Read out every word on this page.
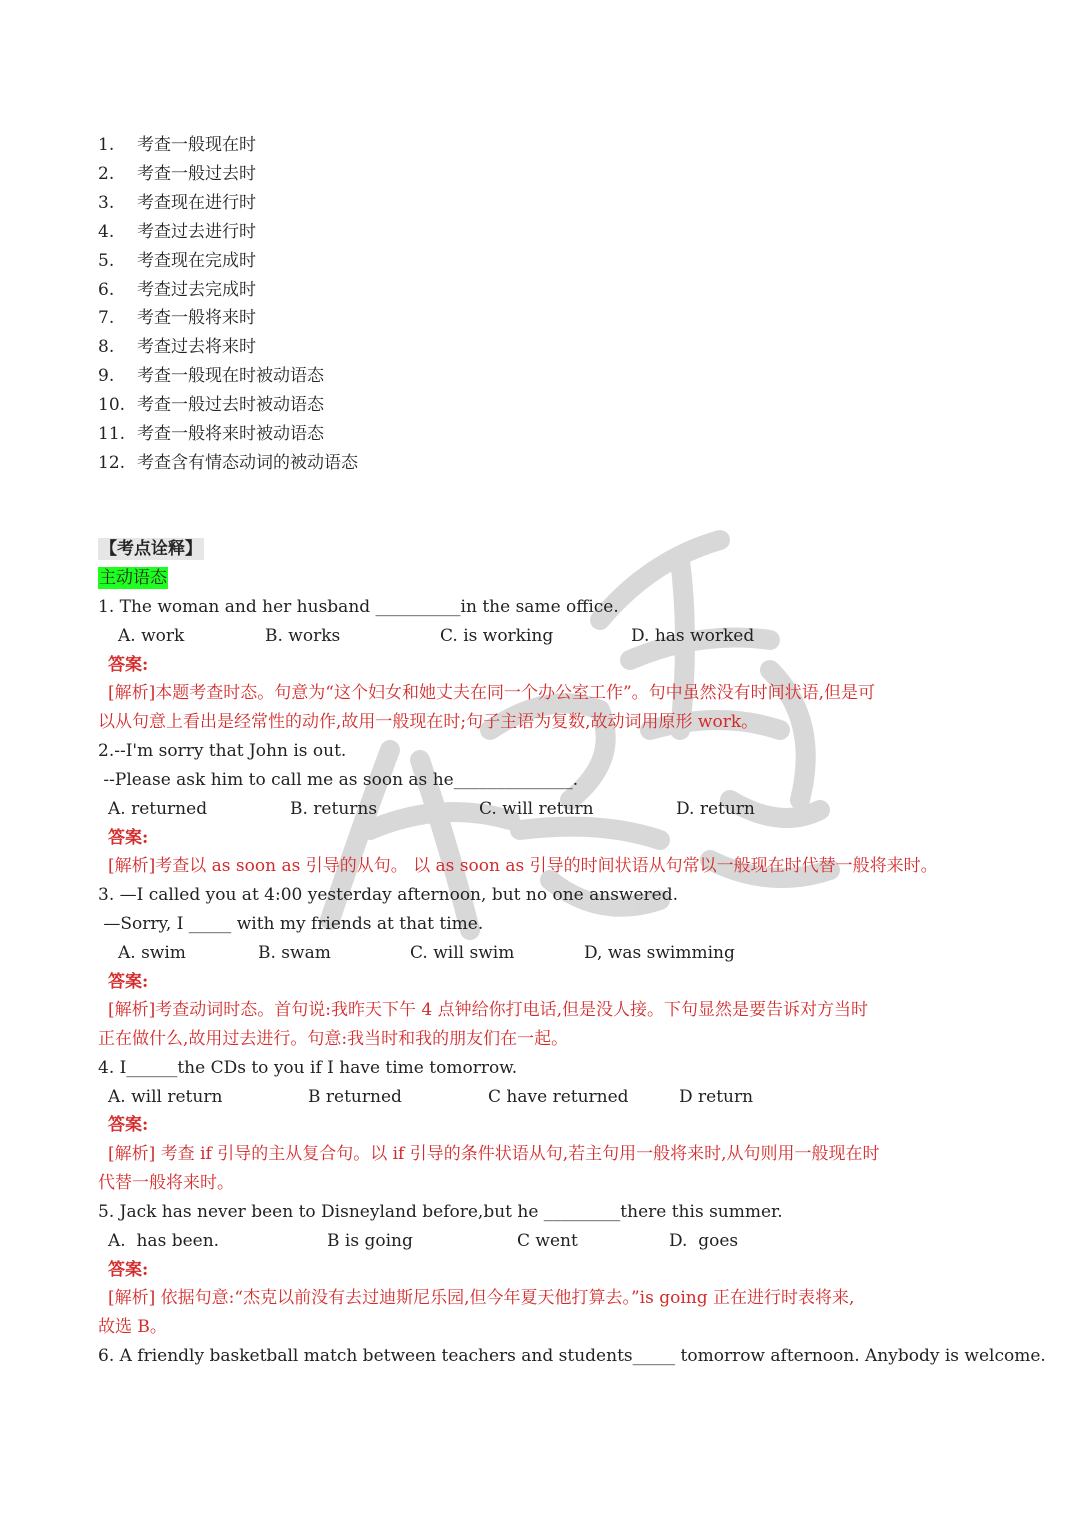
1. 考查一般现在时
2. 考查一般过去时
3. 考查现在进行时
4. 考查过去进行时
5. 考查现在完成时
6. 考查过去完成时
7. 考查一般将来时
8. 考查过去将来时
9. 考查一般现在时被动语态
10. 考查一般过去时被动语态
11. 考查一般将来时被动语态
12. 考查含有情态动词的被动语态
【考点诠释】
主动语态
1. The woman and her husband __________in the same office.

A. work

	B. works

	C. is working

	D. has worked

答案:
[解析]本题考查时态。句意为“这个妇女和她丈夫在同一个办公室工作”。句中虽然没有时间状语,但是可
以从句意上看出是经常性的动作,故用一般现在时;句子主语为复数,故动词用原形 work。
2.--I'm sorry that John is out.
--Please ask him to call me as soon as he______________.

A. returned

	B. returns

	C. will return

	D. return

答案:
[解析]考查以 as soon as 引导的从句。 以 as soon as 引导的时间状语从句常以一般现在时代替一般将来时。
3. —I called you at 4:00 yesterday afternoon, but no one answered.
—Sorry, I _____ with my friends at that time.

A. swim

	B. swam

	C. will swim

	D, was swimming

答案:
[解析]考查动词时态。首句说:我昨天下午 4 点钟给你打电话,但是没人接。下句显然是要告诉对方当时
正在做什么,故用过去进行。句意:我当时和我的朋友们在一起。
4. I______the CDs to you if I have time tomorrow.

A. will return

	B returned

	C have returned

	D return

答案:
[解析] 考查 if 引导的主从复合句。以 if 引导的条件状语从句,若主句用一般将来时,从句则用一般现在时
代替一般将来时。
5. Jack has never been to Disneyland before,but he _________there this summer.

A.  has been.

	B is going

	C went

	D.  goes

答案:
[解析] 依据句意:“杰克以前没有去过迪斯尼乐园,但今年夏天他打算去。”is going 正在进行时表将来,
故选 B。
6. A friendly basketball match between teachers and students_____ tomorrow afternoon. Anybody is welcome.
